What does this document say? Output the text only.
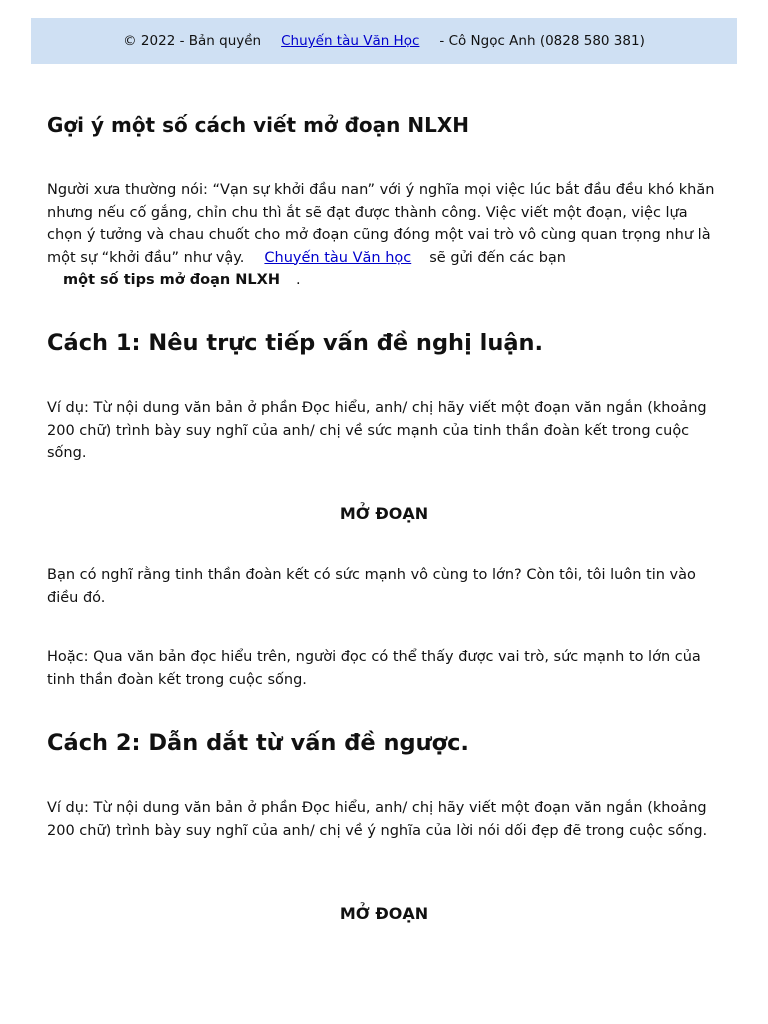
© 2022 - Bản quyền Chuyến tàu Văn Học - Cô Ngọc Anh (0828 580 381)
Gợi ý một số cách viết mở đoạn NLXH

Người xưa thường nói: “Vạn sự khởi đầu nan” với ý nghĩa mọi việc lúc bắt đầu đều khó khăn nhưng nếu cố gắng, chỉn chu thì ắt sẽ đạt được thành công. Việc viết một đoạn, việc lựa chọn ý tưởng và chau chuốt cho mở đoạn cũng đóng một vai trò vô cùng quan trọng như là một sự “khởi đầu” như vậy. Chuyến tàu Văn học sẽ gửi đến các bạn
một số tips mở đoạn NLXH .

Cách 1: Nêu trực tiếp vấn đề nghị luận.

Ví dụ: Từ nội dung văn bản ở phần Đọc hiểu, anh/ chị hãy viết một đoạn văn ngắn (khoảng 200 chữ) trình bày suy nghĩ của anh/ chị về sức mạnh của tinh thần đoàn kết trong cuộc sống.

MỞ ĐOẠN

Bạn có nghĩ rằng tinh thần đoàn kết có sức mạnh vô cùng to lớn? Còn tôi, tôi luôn tin vào điều đó.

Hoặc: Qua văn bản đọc hiểu trên, người đọc có thể thấy được vai trò, sức mạnh to lớn của tinh thần đoàn kết trong cuộc sống.

Cách 2: Dẫn dắt từ vấn đề ngược.

Ví dụ: Từ nội dung văn bản ở phần Đọc hiểu, anh/ chị hãy viết một đoạn văn ngắn (khoảng 200 chữ) trình bày suy nghĩ của anh/ chị về ý nghĩa của lời nói dối đẹp đẽ trong cuộc sống.

MỞ ĐOẠN
